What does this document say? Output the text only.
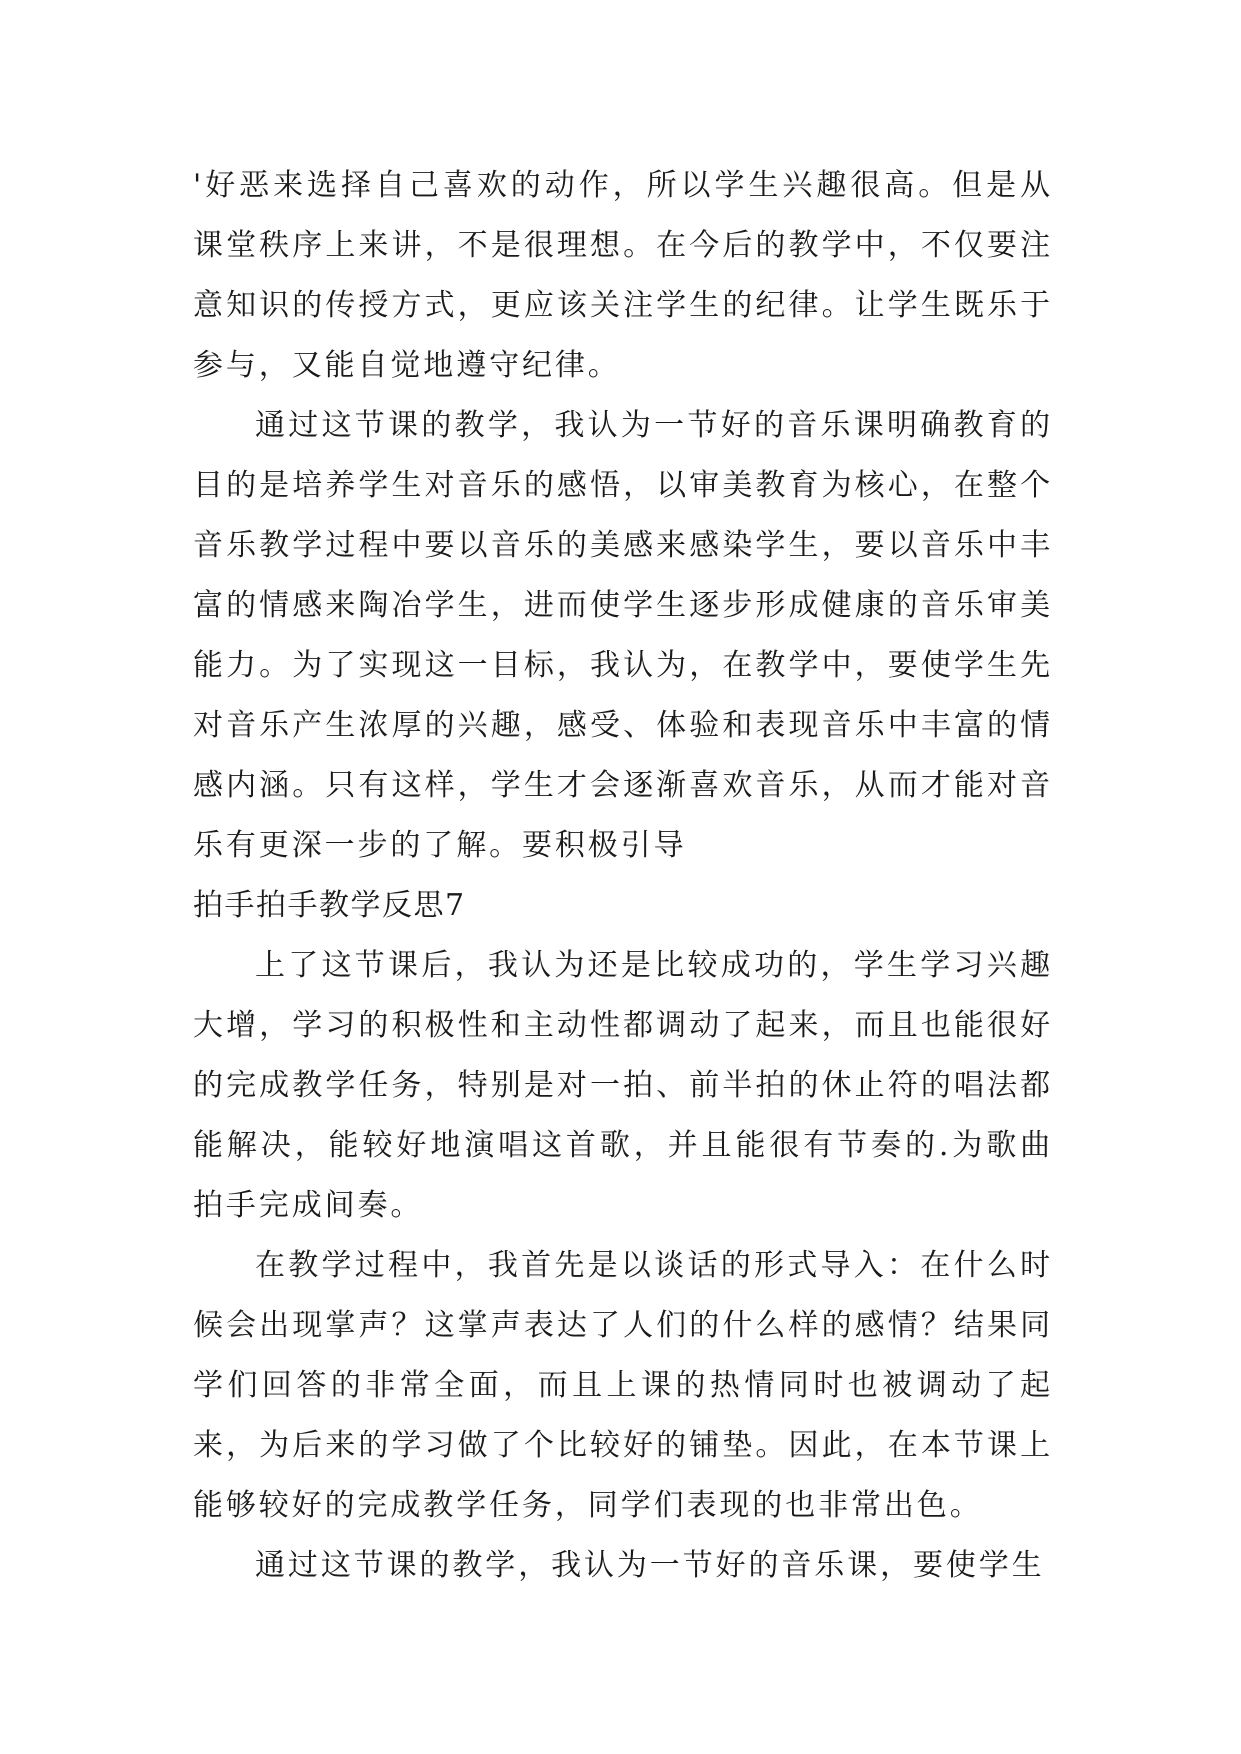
'好恶来选择自己喜欢的动作，所以学生兴趣很高。但是从课堂秩序上来讲，不是很理想。在今后的教学中，不仅要注意知识的传授方式，更应该关注学生的纪律。让学生既乐于参与，又能自觉地遵守纪律。

通过这节课的教学，我认为一节好的音乐课明确教育的目的是培养学生对音乐的感悟，以审美教育为核心，在整个音乐教学过程中要以音乐的美感来感染学生，要以音乐中丰富的情感来陶冶学生，进而使学生逐步形成健康的音乐审美能力。为了实现这一目标，我认为，在教学中，要使学生先对音乐产生浓厚的兴趣，感受、体验和表现音乐中丰富的情感内涵。只有这样，学生才会逐渐喜欢音乐，从而才能对音乐有更深一步的了解。要积极引导

拍手拍手教学反思7

上了这节课后，我认为还是比较成功的，学生学习兴趣大增，学习的积极性和主动性都调动了起来，而且也能很好的完成教学任务，特别是对一拍、前半拍的休止符的唱法都能解决，能较好地演唱这首歌，并且能很有节奏的.为歌曲拍手完成间奏。

在教学过程中，我首先是以谈话的形式导入：在什么时候会出现掌声？这掌声表达了人们的什么样的感情？结果同学们回答的非常全面，而且上课的热情同时也被调动了起来，为后来的学习做了个比较好的铺垫。因此，在本节课上能够较好的完成教学任务，同学们表现的也非常出色。

通过这节课的教学，我认为一节好的音乐课，要使学生
